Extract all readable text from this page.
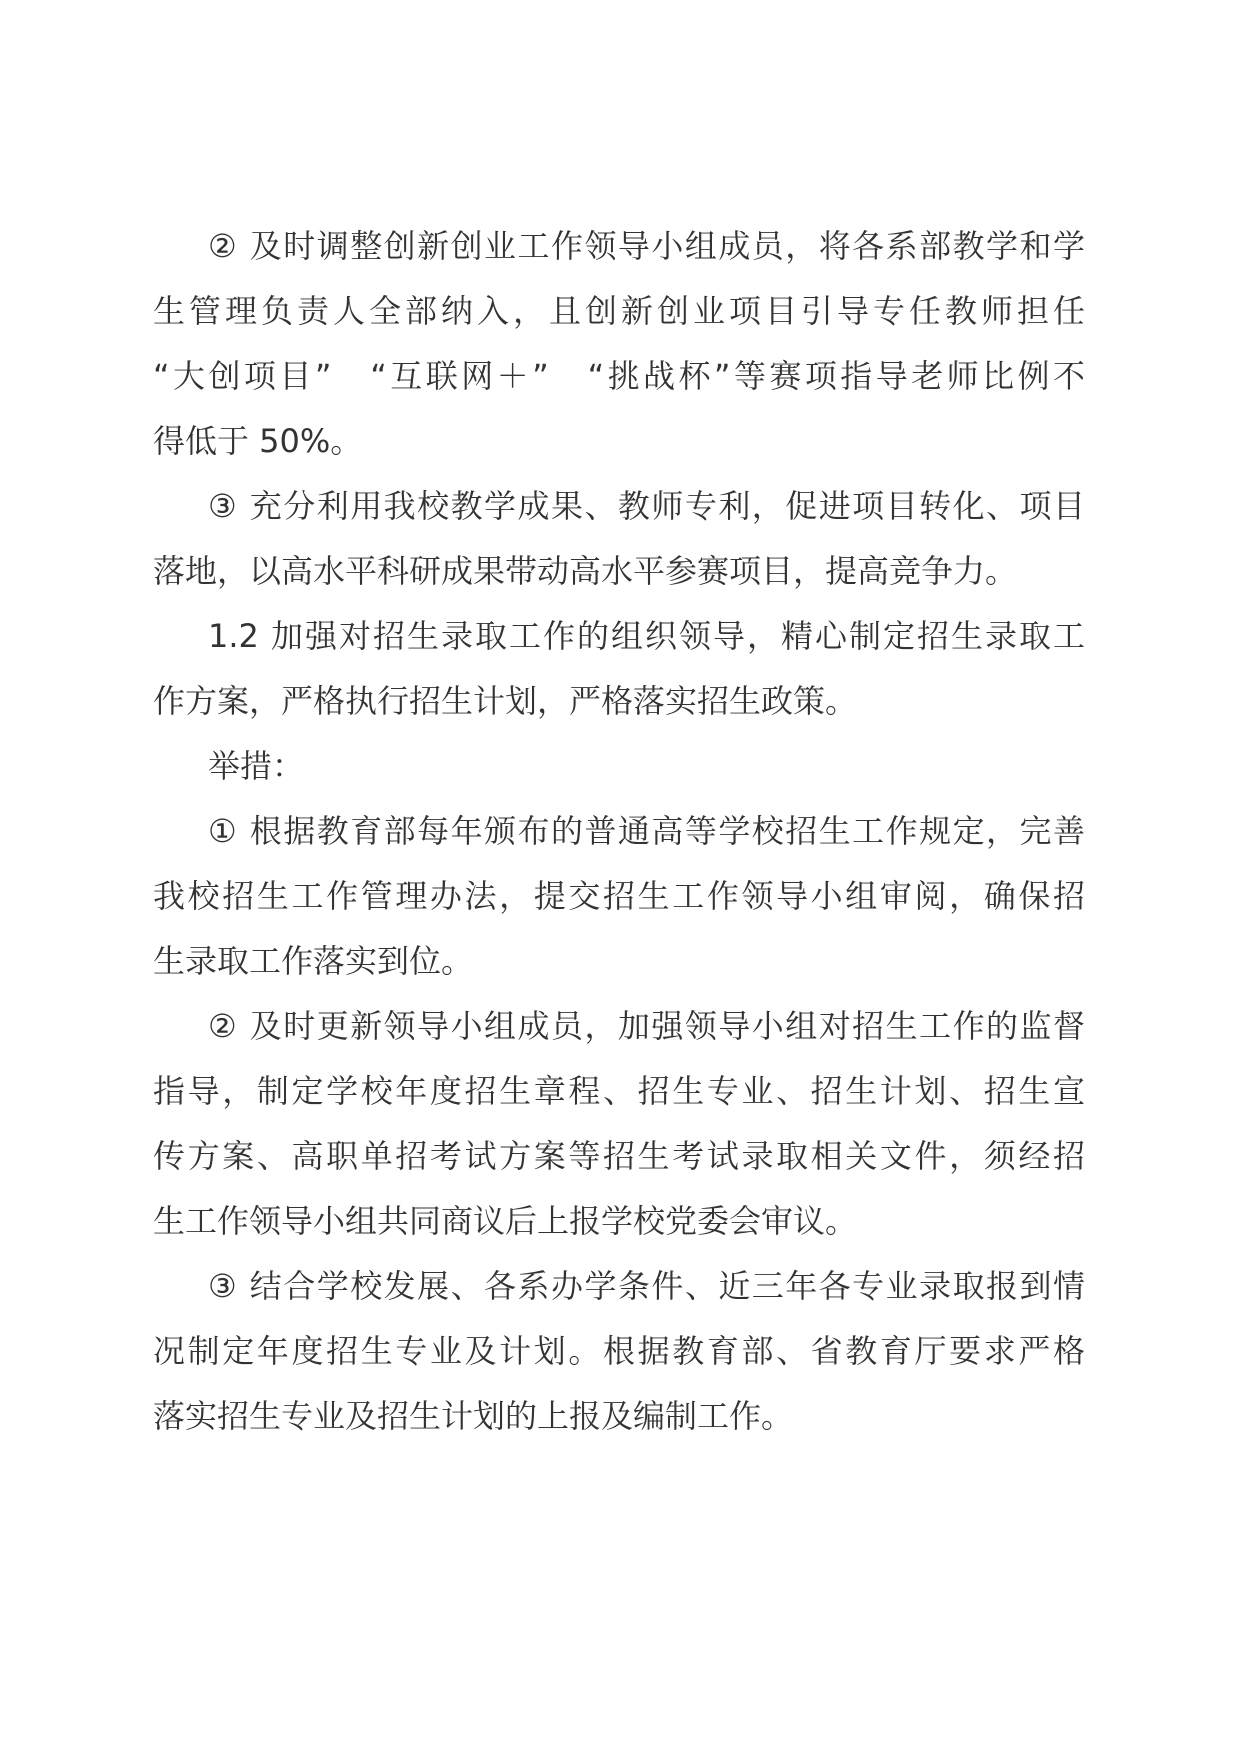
② 及时调整创新创业工作领导小组成员，将各系部教学和学
生管理负责人全部纳入，且创新创业项目引导专任教师担任
“大创项目”　“互联网＋”　“挑战杯”等赛项指导老师比例不
得低于 50%。
③ 充分利用我校教学成果、教师专利，促进项目转化、项目
落地，以高水平科研成果带动高水平参赛项目，提高竞争力。
1.2 加强对招生录取工作的组织领导，精心制定招生录取工
作方案，严格执行招生计划，严格落实招生政策。
举措：
① 根据教育部每年颁布的普通高等学校招生工作规定，完善
我校招生工作管理办法，提交招生工作领导小组审阅，确保招
生录取工作落实到位。
② 及时更新领导小组成员，加强领导小组对招生工作的监督
指导，制定学校年度招生章程、招生专业、招生计划、招生宣
传方案、高职单招考试方案等招生考试录取相关文件，须经招
生工作领导小组共同商议后上报学校党委会审议。
③ 结合学校发展、各系办学条件、近三年各专业录取报到情
况制定年度招生专业及计划。根据教育部、省教育厅要求严格
落实招生专业及招生计划的上报及编制工作。
